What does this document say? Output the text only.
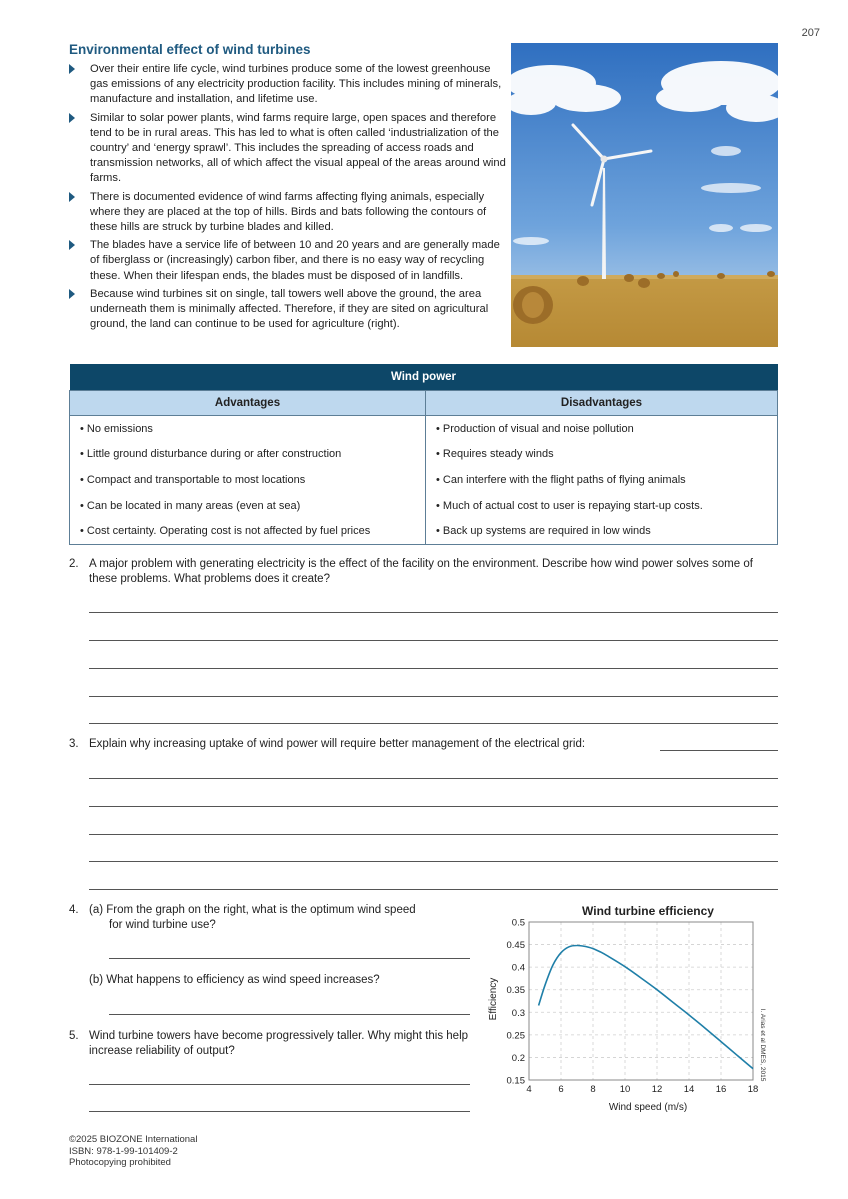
207
Environmental effect of wind turbines
Over their entire life cycle, wind turbines produce some of the lowest greenhouse gas emissions of any electricity production facility. This includes mining of minerals, manufacture and installation, and lifetime use.
Similar to solar power plants, wind farms require large, open spaces and therefore tend to be in rural areas. This has led to what is often called ‘industrialization of the country’ and ‘energy sprawl’. This includes the spreading of access roads and transmission networks, all of which affect the visual appeal of the areas around wind farms.
There is documented evidence of wind farms affecting flying animals, especially where they are placed at the top of hills. Birds and bats following the contours of these hills are struck by turbine blades and killed.
The blades have a service life of between 10 and 20 years and are generally made of fiberglass or (increasingly) carbon fiber, and there is no easy way of recycling these. When their lifespan ends, the blades must be disposed of in landfills.
Because wind turbines sit on single, tall towers well above the ground, the area underneath them is minimally affected. Therefore, if they are sited on agricultural ground, the land can continue to be used for agriculture (right).
Wind power	
Advantages	Disadvantages
• No emissions	• Production of visual and noise pollution
• Little ground disturbance during or after construction	• Requires steady winds
• Compact and transportable to most locations	• Can interfere with the flight paths of flying animals
• Can be located in many areas (even at sea)	• Much of actual cost to user is repaying start-up costs.
• Cost certainty. Operating cost is not affected by fuel prices	• Back up systems are required in low winds
2. A major problem with generating electricity is the effect of the facility on the environment. Describe how wind power solves some of these problems. What problems does it create?
3. Explain why increasing uptake of wind power will require better management of the electrical grid:
4. (a) From the graph on the right, what is the optimum wind speed
for wind turbine use?
(b) What happens to efficiency as wind speed increases?
5. Wind turbine towers have become progressively taller. Why might this help increase reliability of output?
Wind turbine efficiency
4	6	8	10 12 14 16 18
0.15
0.2
0.25
0.3
0.35
0.4
0.45
0.5
Wind speed (m/s)
Efficiency
I. Arias et al DMES, 2015
©2025 BIOZONE International
ISBN: 978-1-99-101409-2
Photocopying prohibited
